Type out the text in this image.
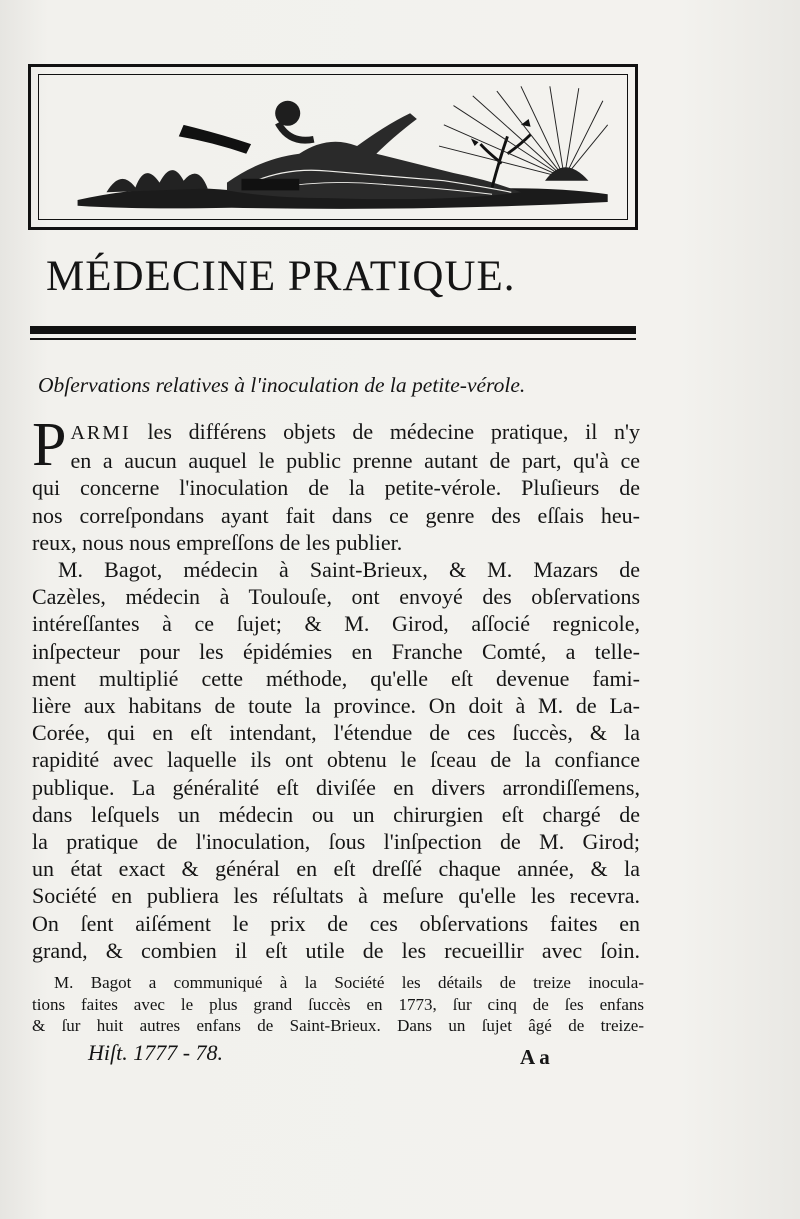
MÉDECINE PRATIQUE.
Obſervations relatives à l'inoculation de la petite-vérole.

P ARMI les différens objets de médecine pratique, il n'y
en a aucun auquel le public prenne autant de part, qu'à ce
qui concerne l'inoculation de la petite-vérole. Pluſieurs de
nos correſpondans ayant fait dans ce genre des eſſais heu-
reux, nous nous empreſſons de les publier.

M. Bagot, médecin à Saint-Brieux, & M. Mazars de
Cazèles, médecin à Toulouſe, ont envoyé des obſervations
intéreſſantes à ce ſujet; & M. Girod, aſſocié regnicole,
inſpecteur pour les épidémies en Franche Comté, a telle-
ment multiplié cette méthode, qu'elle eſt devenue fami-
lière aux habitans de toute la province. On doit à M. de La-
Corée, qui en eſt intendant, l'étendue de ces ſuccès, & la
rapidité avec laquelle ils ont obtenu le ſceau de la confiance
publique. La généralité eſt diviſée en divers arrondiſſemens,
dans leſquels un médecin ou un chirurgien eſt chargé de
la pratique de l'inoculation, ſous l'inſpection de M. Girod;
un état exact & général en eſt dreſſé chaque année, & la
Société en publiera les réſultats à meſure qu'elle les recevra.
On ſent aiſément le prix de ces obſervations faites en
grand, & combien il eſt utile de les recueillir avec ſoin.

M. Bagot a communiqué à la Société les détails de treize inocula-
tions faites avec le plus grand ſuccès en 1773, ſur cinq de ſes enfans
& ſur huit autres enfans de Saint-Brieux. Dans un ſujet âgé de treize-
Hiſt. 1777 - 78.	A a
